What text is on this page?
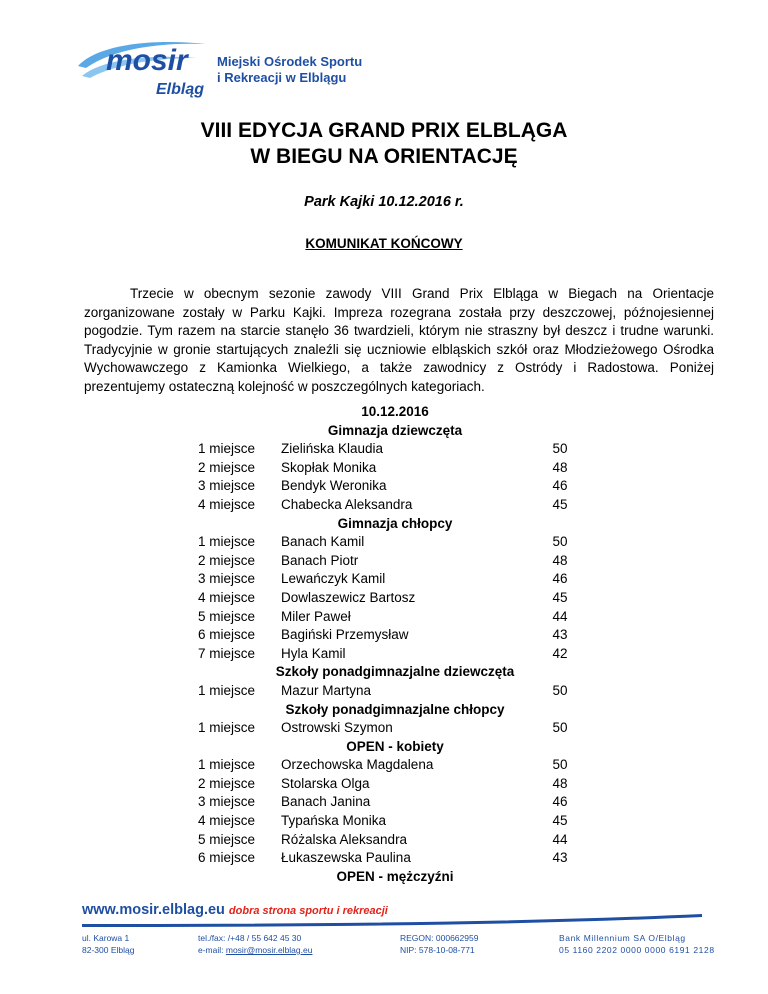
mosir
Elbląg
Miejski Ośrodek Sportu
i Rekreacji w Elblągu
VIII EDYCJA GRAND PRIX ELBLĄGA
W BIEGU NA ORIENTACJĘ
Park Kajki 10.12.2016 r.
KOMUNIKAT KOŃCOWY
Trzecie w obecnym sezonie zawody VIII Grand Prix Elbląga w Biegach na Orientacje zorganizowane zostały w Parku Kajki. Impreza rozegrana została przy deszczowej, późnojesiennej pogodzie. Tym razem na starcie stanęło 36 twardzieli, którym nie straszny był deszcz i trudne warunki. Tradycyjnie w gronie startujących znaleźli się uczniowie elbląskich szkół oraz Młodzieżowego Ośrodka Wychowawczego z Kamionka Wielkiego, a także zawodnicy z Ostródy i Radostowa. Poniżej prezentujemy ostateczną kolejność w poszczególnych kategoriach.
10.12.2016
Gimnazja dziewczęta
1 miejsce	Zielińska Klaudia	50
2 miejsce	Skopłak Monika	48
3 miejsce	Bendyk Weronika	46
4 miejsce	Chabecka Aleksandra	45
Gimnazja chłopcy
1 miejsce	Banach Kamil	50
2 miejsce	Banach Piotr	48
3 miejsce	Lewańczyk Kamil	46
4 miejsce	Dowlaszewicz Bartosz	45
5 miejsce	Miler Paweł	44
6 miejsce	Bagiński Przemysław	43
7 miejsce	Hyla Kamil	42
Szkoły ponadgimnazjalne dziewczęta
1 miejsce	Mazur Martyna	50
Szkoły ponadgimnazjalne chłopcy
1 miejsce	Ostrowski Szymon	50
OPEN - kobiety
1 miejsce	Orzechowska Magdalena	50
2 miejsce	Stolarska Olga	48
3 miejsce	Banach Janina	46
4 miejsce	Typańska Monika	45
5 miejsce	Różalska Aleksandra	44
6 miejsce	Łukaszewska Paulina	43
OPEN - mężczyźni
www.mosir.elblag.eu dobra strona sportu i rekreacji
ul. Karowa 1
82-300 Elbląg
tel./fax: /+48 / 55 642 45 30
e-mail: mosir@mosir.elblag.eu
REGON: 000662959
NIP: 578-10-08-771
Bank Millennium SA O/Elbląg
05 1160 2202 0000 0000 6191 2128
